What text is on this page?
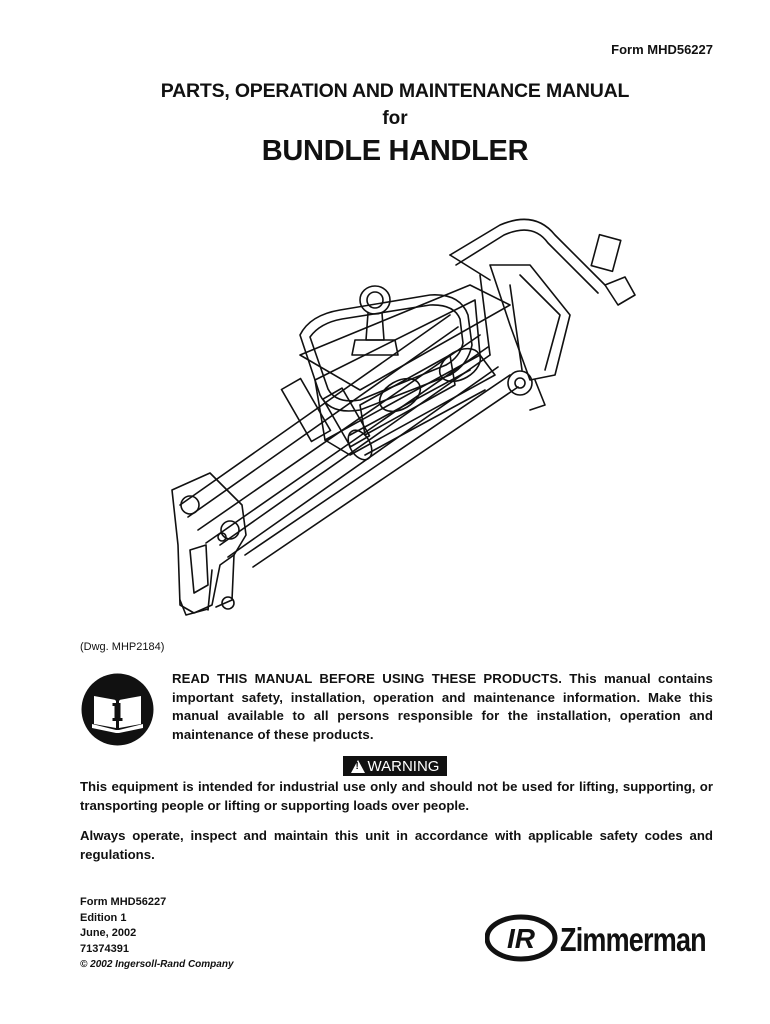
Form MHD56227
PARTS, OPERATION AND MAINTENANCE MANUAL
for
BUNDLE HANDLER
(Dwg. MHP2184)
READ THIS MANUAL BEFORE USING THESE PRODUCTS. This manual contains important safety, installation, operation and maintenance information. Make this manual available to all persons responsible for the installation, operation and maintenance of these products.
!
WARNING
This equipment is intended for industrial use only and should not be used for lifting, supporting, or transporting people or lifting or supporting loads over people.
Always operate, inspect and maintain this unit in accordance with applicable safety codes and regulations.
Form MHD56227
Edition 1
June, 2002
71374391
© 2002 Ingersoll-Rand Company
IR Zimmerman
